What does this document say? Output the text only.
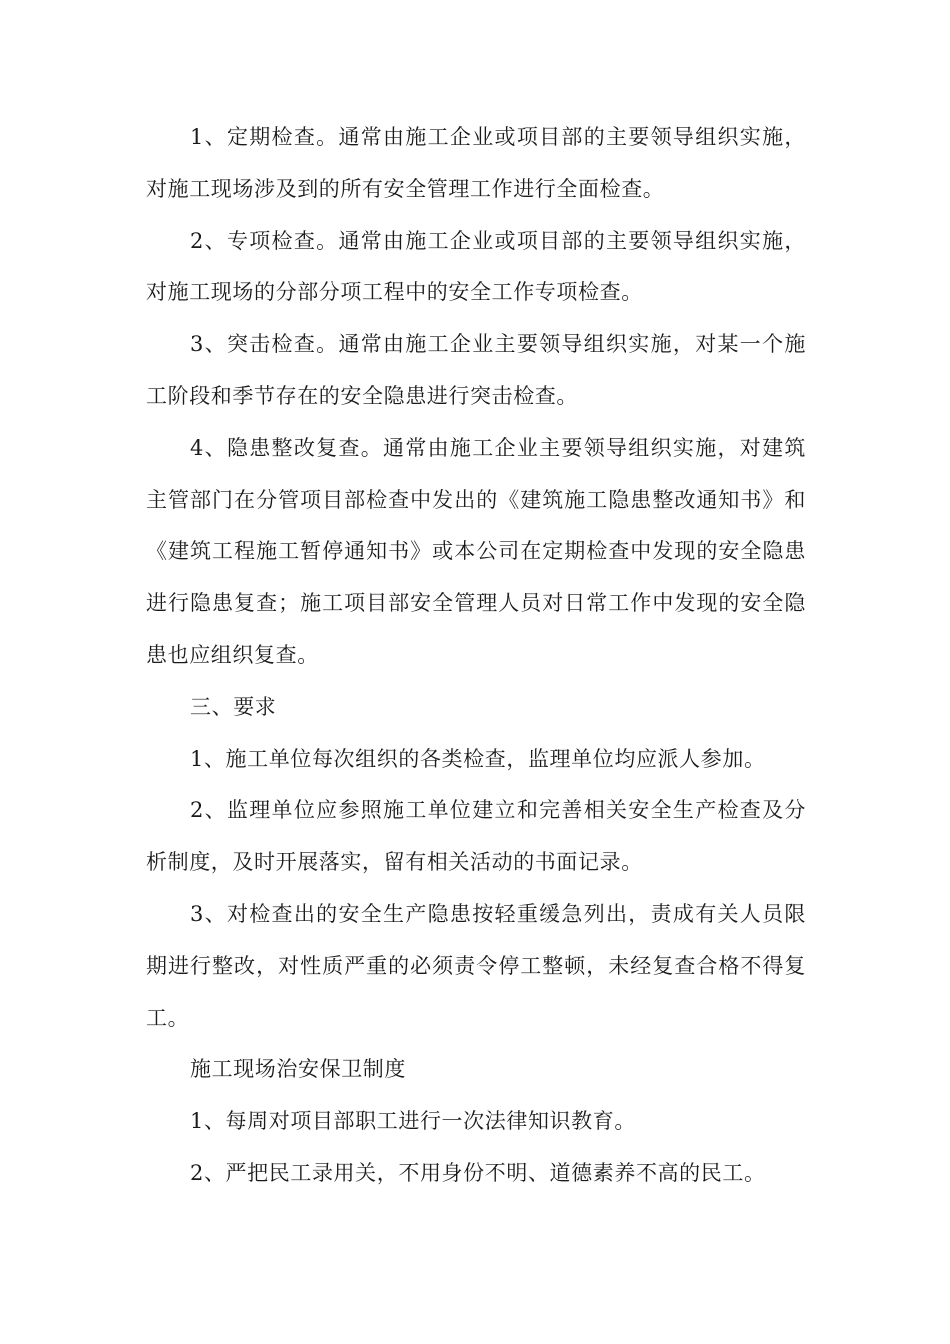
1、定期检查。通常由施工企业或项目部的主要领导组织实施，对施工现场涉及到的所有安全管理工作进行全面检查。

2、专项检查。通常由施工企业或项目部的主要领导组织实施，对施工现场的分部分项工程中的安全工作专项检查。

3、突击检查。通常由施工企业主要领导组织实施，对某一个施工阶段和季节存在的安全隐患进行突击检查。

4、隐患整改复查。通常由施工企业主要领导组织实施，对建筑主管部门在分管项目部检查中发出的《建筑施工隐患整改通知书》和《建筑工程施工暂停通知书》或本公司在定期检查中发现的安全隐患进行隐患复查；施工项目部安全管理人员对日常工作中发现的安全隐患也应组织复查。

三、要求

1、施工单位每次组织的各类检查，监理单位均应派人参加。

2、监理单位应参照施工单位建立和完善相关安全生产检查及分析制度，及时开展落实，留有相关活动的书面记录。

3、对检查出的安全生产隐患按轻重缓急列出，责成有关人员限期进行整改，对性质严重的必须责令停工整顿，未经复查合格不得复工。

施工现场治安保卫制度

1、每周对项目部职工进行一次法律知识教育。

2、严把民工录用关，不用身份不明、道德素养不高的民工。
